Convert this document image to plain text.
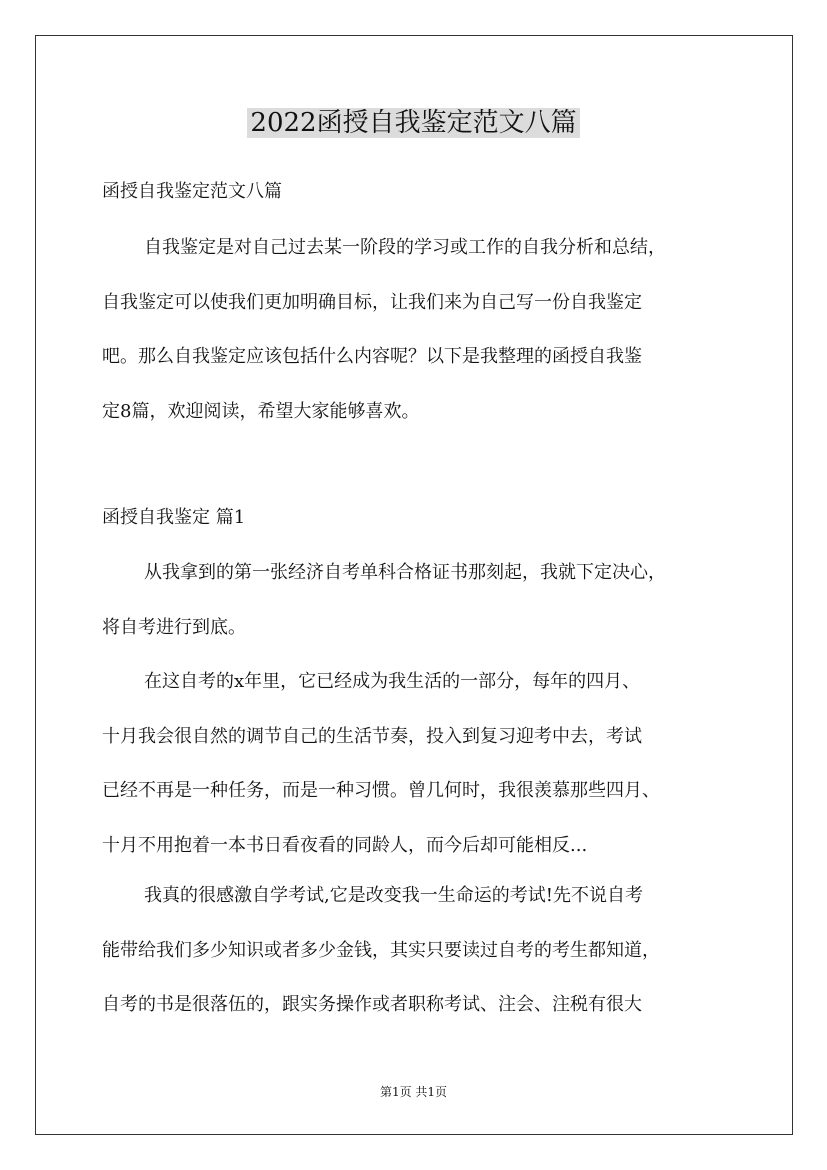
2022函授自我鉴定范文八篇
函授自我鉴定范文八篇
自我鉴定是对自己过去某一阶段的学习或工作的自我分析和总结，
自我鉴定可以使我们更加明确目标，让我们来为自己写一份自我鉴定
吧。那么自我鉴定应该包括什么内容呢？以下是我整理的函授自我鉴
定8篇，欢迎阅读，希望大家能够喜欢。
函授自我鉴定 篇1
从我拿到的第一张经济自考单科合格证书那刻起，我就下定决心，
将自考进行到底。
在这自考的x年里，它已经成为我生活的一部分，每年的四月、
十月我会很自然的调节自己的生活节奏，投入到复习迎考中去，考试
已经不再是一种任务，而是一种习惯。曾几何时，我很羡慕那些四月、
十月不用抱着一本书日看夜看的同龄人，而今后却可能相反...
我真的很感激自学考试,它是改变我一生命运的考试!先不说自考
能带给我们多少知识或者多少金钱，其实只要读过自考的考生都知道，
自考的书是很落伍的，跟实务操作或者职称考试、注会、注税有很大
第1页 共1页
